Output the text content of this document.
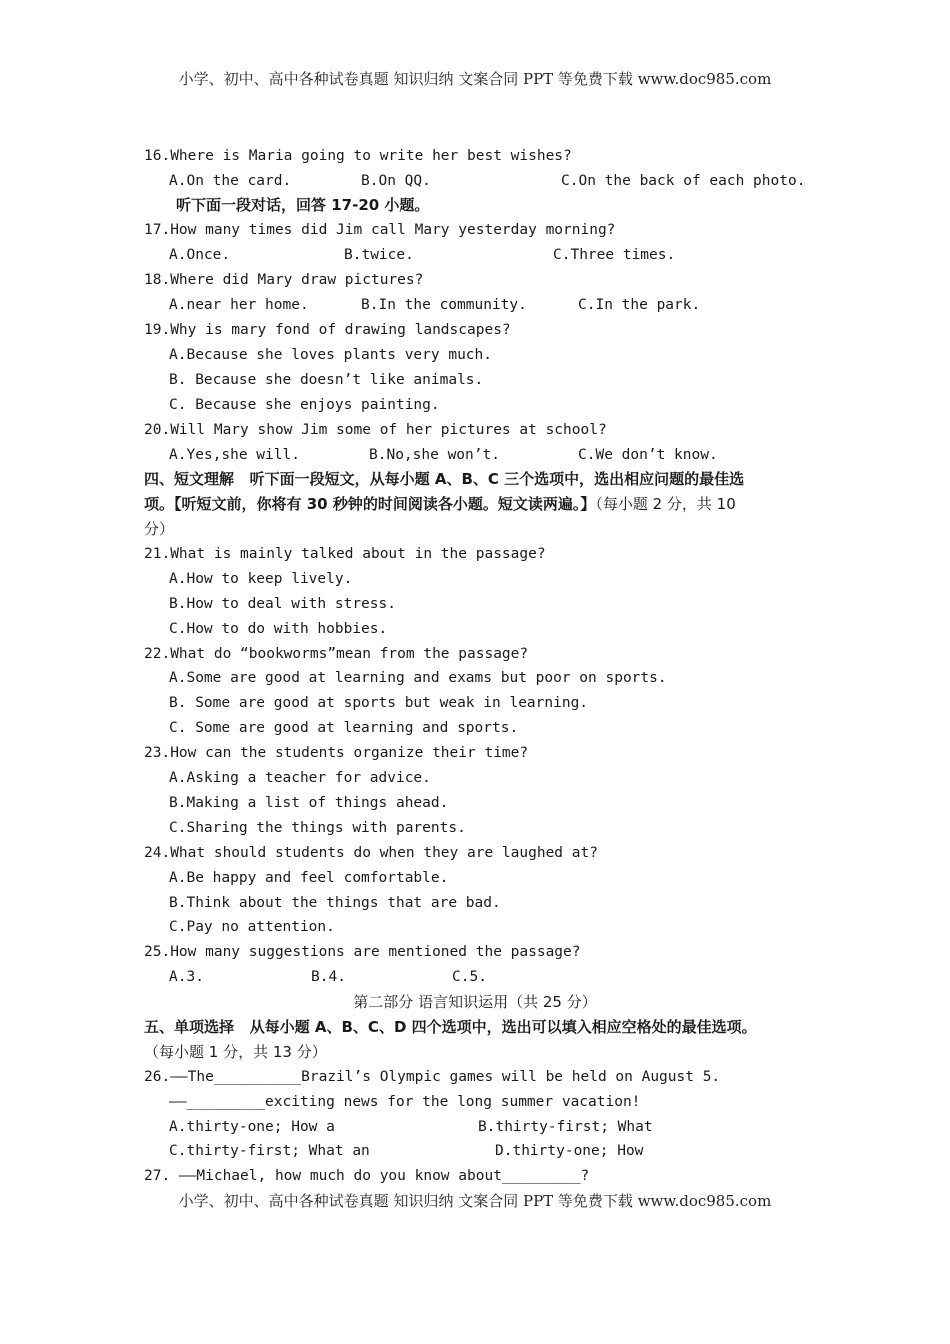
小学、初中、高中各种试卷真题 知识归纳 文案合同 PPT 等免费下载 www.doc985.com
16.Where is Maria going to write her best wishes?
A.On the card.	B.On QQ.	C.On the back of each photo.
听下面一段对话，回答 17-20 小题。
17.How many times did Jim call Mary yesterday morning?
A.Once.	B.twice.	C.Three times.
18.Where did Mary draw pictures?
A.near her home.	B.In the community.	C.In the park.
19.Why is mary fond of drawing landscapes?
A.Because she loves plants very much.
B. Because she doesn’t like animals.
C. Because she enjoys painting.
20.Will Mary show Jim some of her pictures at school?
A.Yes,she will.	B.No,she won’t.	C.We don’t know.
四、短文理解   听下面一段短文，从每小题 A、B、C 三个选项中，选出相应问题的最佳选
项。【听短文前，你将有 30 秒钟的时间阅读各小题。短文读两遍。】（每小题 2 分，共 10
分）
21.What is mainly talked about in the passage?
A.How to keep lively.
B.How to deal with stress.
C.How to do with hobbies.
22.What do “bookworms”mean from the passage?
A.Some are good at learning and exams but poor on sports.
B. Some are good at sports but weak in learning.
C. Some are good at learning and sports.
23.How can the students organize their time?
A.Asking a teacher for advice.
B.Making a list of things ahead.
C.Sharing the things with parents.
24.What should students do when they are laughed at?
A.Be happy and feel comfortable.
B.Think about the things that are bad.
C.Pay no attention.
25.How many suggestions are mentioned the passage?
A.3.	B.4.	C.5.
第二部分 语言知识运用（共 25 分）
五、单项选择   从每小题 A、B、C、D 四个选项中，选出可以填入相应空格处的最佳选项。
（每小题 1 分，共 13 分）
26.——The__________Brazil’s Olympic games will be held on August 5.
——_________exciting news for the long summer vacation!
A.thirty-one; How a	B.thirty-first; What
C.thirty-first; What an	D.thirty-one; How
27. ——Michael, how much do you know about_________?
小学、初中、高中各种试卷真题 知识归纳 文案合同 PPT 等免费下载 www.doc985.com
